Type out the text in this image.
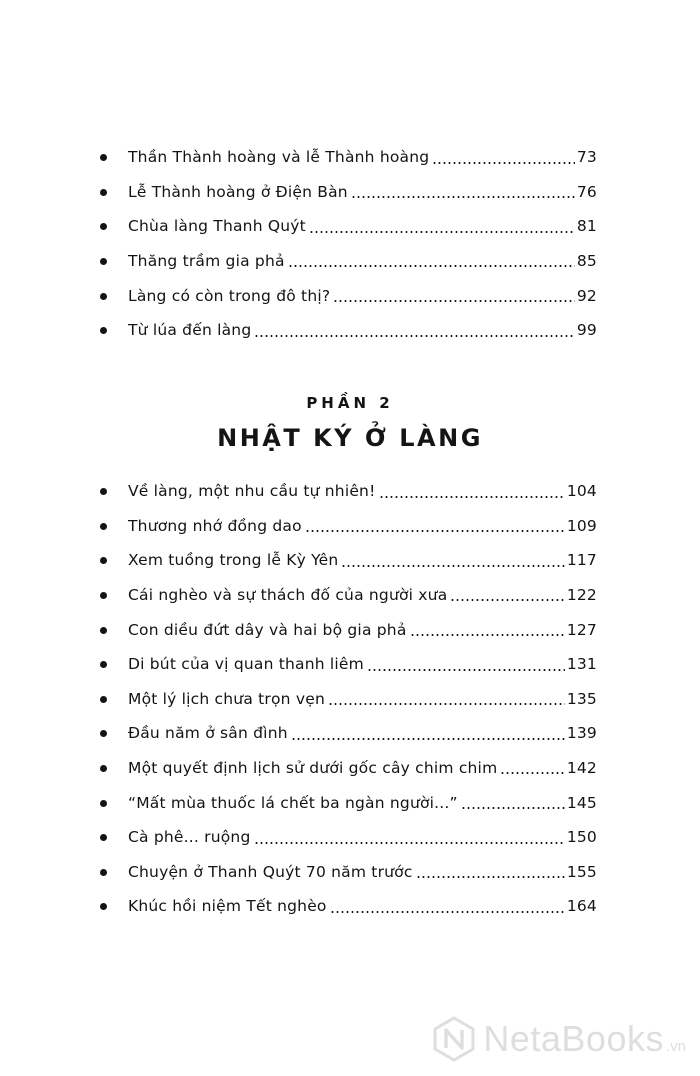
Thần Thành hoàng và lễ Thành hoàng	73
Lễ Thành hoàng ở Điện Bàn	76
Chùa làng Thanh Quýt	81
Thăng trầm gia phả	85
Làng có còn trong đô thị?	92
Từ lúa đến làng	99
PHẦN 2
NHẬT KÝ Ở LÀNG
Về làng, một nhu cầu tự nhiên!	104
Thương nhớ đồng dao	109
Xem tuồng trong lễ Kỳ Yên	117
Cái nghèo và sự thách đố của người xưa	122
Con diều đứt dây và hai bộ gia phả	127
Di bút của vị quan thanh liêm	131
Một lý lịch chưa trọn vẹn	135
Đầu năm ở sân đình	139
Một quyết định lịch sử dưới gốc cây chim chim	142
“Mất mùa thuốc lá chết ba ngàn người...”	145
Cà phê... ruộng	150
Chuyện ở Thanh Quýt 70 năm trước	155
Khúc hồi niệm Tết nghèo	164
NetaBooks .vn
